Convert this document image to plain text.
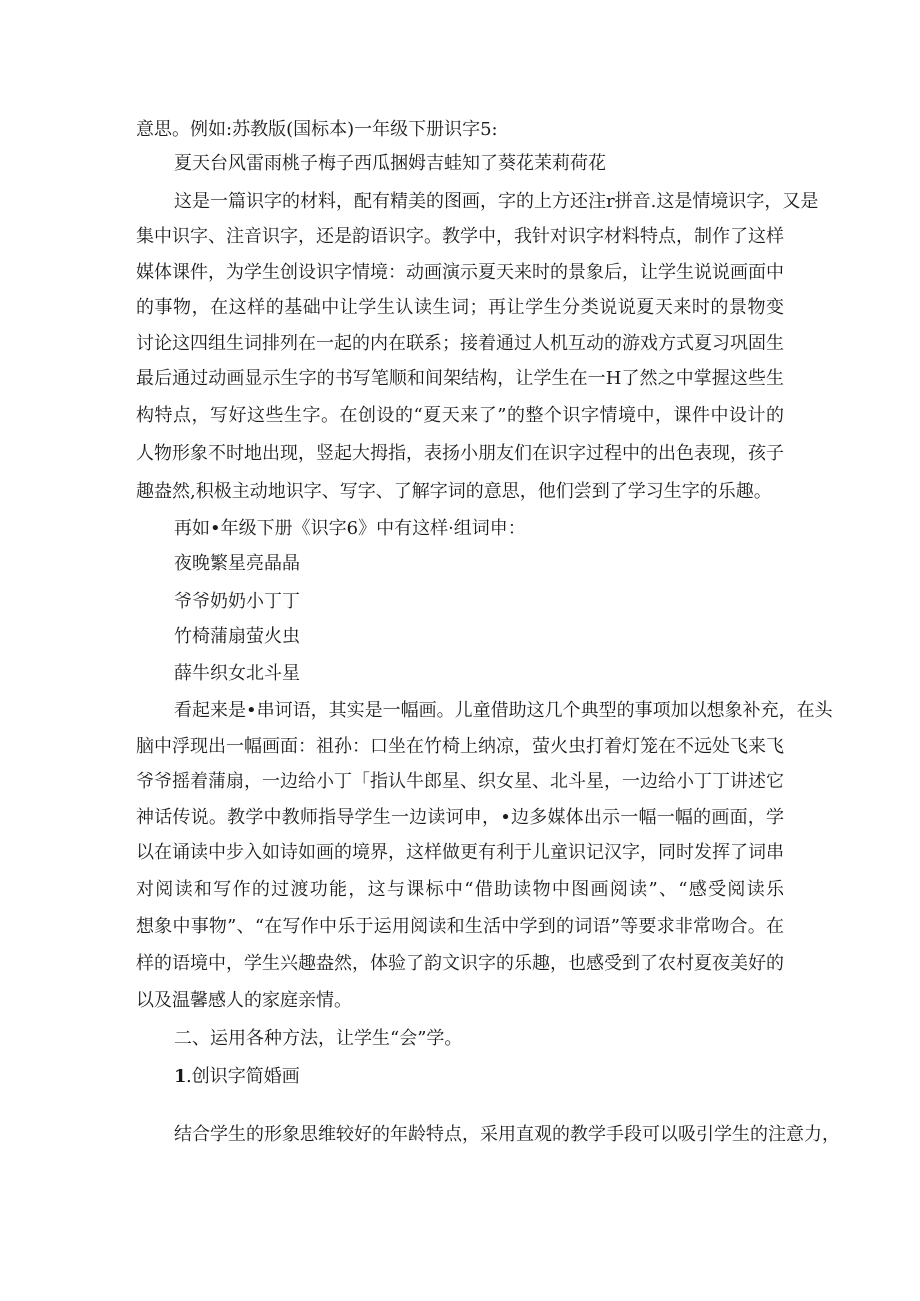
意思。例如:苏教版(国标本)一年级下册识字5:

夏天台风雷雨桃子梅子西瓜捆姆吉蛙知了葵花茉莉荷花

这是一篇识字的材料，配有精美的图画，字的上方还注r拼音.这是情境识字，又是

集中识字、注音识字，还是韵语识字。教学中，我针对识字材料特点，制作了这样

媒体课件，为学生创设识字情境：动画演示夏天来时的景象后，让学生说说画面中

的事物，在这样的基础中让学生认读生词；再让学生分类说说夏天来时的景物变

讨论这四组生词排列在一起的内在联系；接着通过人机互动的游戏方式夏习巩固生

最后通过动画显示生字的书写笔顺和间架结构，让学生在一H了然之中掌握这些生

构特点，写好这些生字。在创设的“夏天来了”的整个识字情境中，课件中设计的

人物形象不时地出现，竖起大拇指，表扬小朋友们在识字过程中的出色表现，孩子

趣盎然,积极主动地识字、写字、了解字词的意思，他们尝到了学习生字的乐趣。

再如•年级下册《识字6》中有这样·组词申：

夜晚繁星亮晶晶

爷爷奶奶小丁丁

竹椅蒲扇萤火虫

薛牛织女北斗星

看起来是•串诃语，其实是一幅画。儿童借助这几个典型的事项加以想象补充，在头

脑中浮现出一幅画面：祖孙：口坐在竹椅上纳凉，萤火虫打着灯笼在不远处飞来飞

爷爷摇着蒲扇，一边给小丁「指认牛郎星、织女星、北斗星，一边给小丁丁讲述它

神话传说。教学中教师指导学生一边读诃申，•边多媒体出示一幅一幅的画面，学

以在诵读中步入如诗如画的境界，这样做更有利于儿童识记汉字，同时发挥了词串

对阅读和写作的过渡功能，这与课标中“借助读物中图画阅读”、“感受阅读乐

想象中事物”、“在写作中乐于运用阅读和生活中学到的词语”等要求非常吻合。在

样的语境中，学生兴趣盎然，体验了韵文识字的乐趣，也感受到了农村夏夜美好的

以及温馨感人的家庭亲情。

二、运用各种方法，让学生“会”学。

1 .创识字简婚画

结合学生的形象思维较好的年龄特点，采用直观的教学手段可以吸引学生的注意力，
